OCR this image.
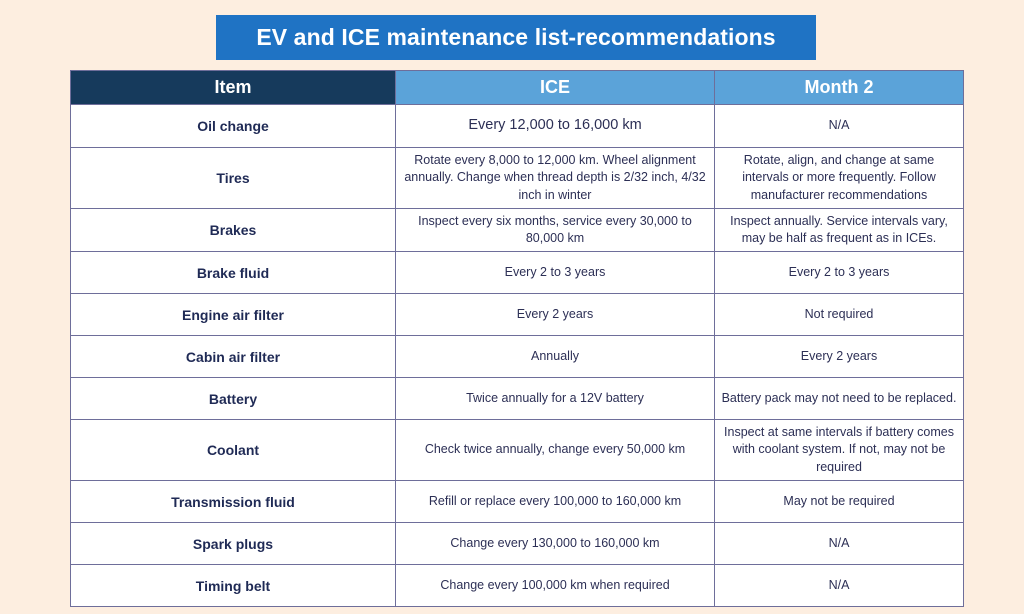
EV and ICE maintenance list-recommendations
Item	ICE	Month 2
Oil change	Every 12,000 to 16,000 km	N/A
Tires	Rotate every 8,000 to 12,000 km. Wheel alignment annually. Change when thread depth is 2/32 inch, 4/32 inch in winter	Rotate, align, and change at same intervals or more frequently. Follow manufacturer recommendations
Brakes	Inspect every six months, service every 30,000 to 80,000 km	Inspect annually. Service intervals vary, may be half as frequent as in ICEs.
Brake fluid	Every 2 to 3 years	Every 2 to 3 years
Engine air filter	Every 2 years	Not required
Cabin air filter	Annually	Every 2 years
Battery	Twice annually for a 12V battery	Battery pack may not need to be replaced.
Coolant	Check twice annually, change every 50,000 km	Inspect at same intervals if battery comes with coolant system. If not, may not be required
Transmission fluid	Refill or replace every 100,000 to 160,000 km	May not be required
Spark plugs	Change every 130,000 to 160,000 km	N/A
Timing belt	Change every 100,000 km when required	N/A
